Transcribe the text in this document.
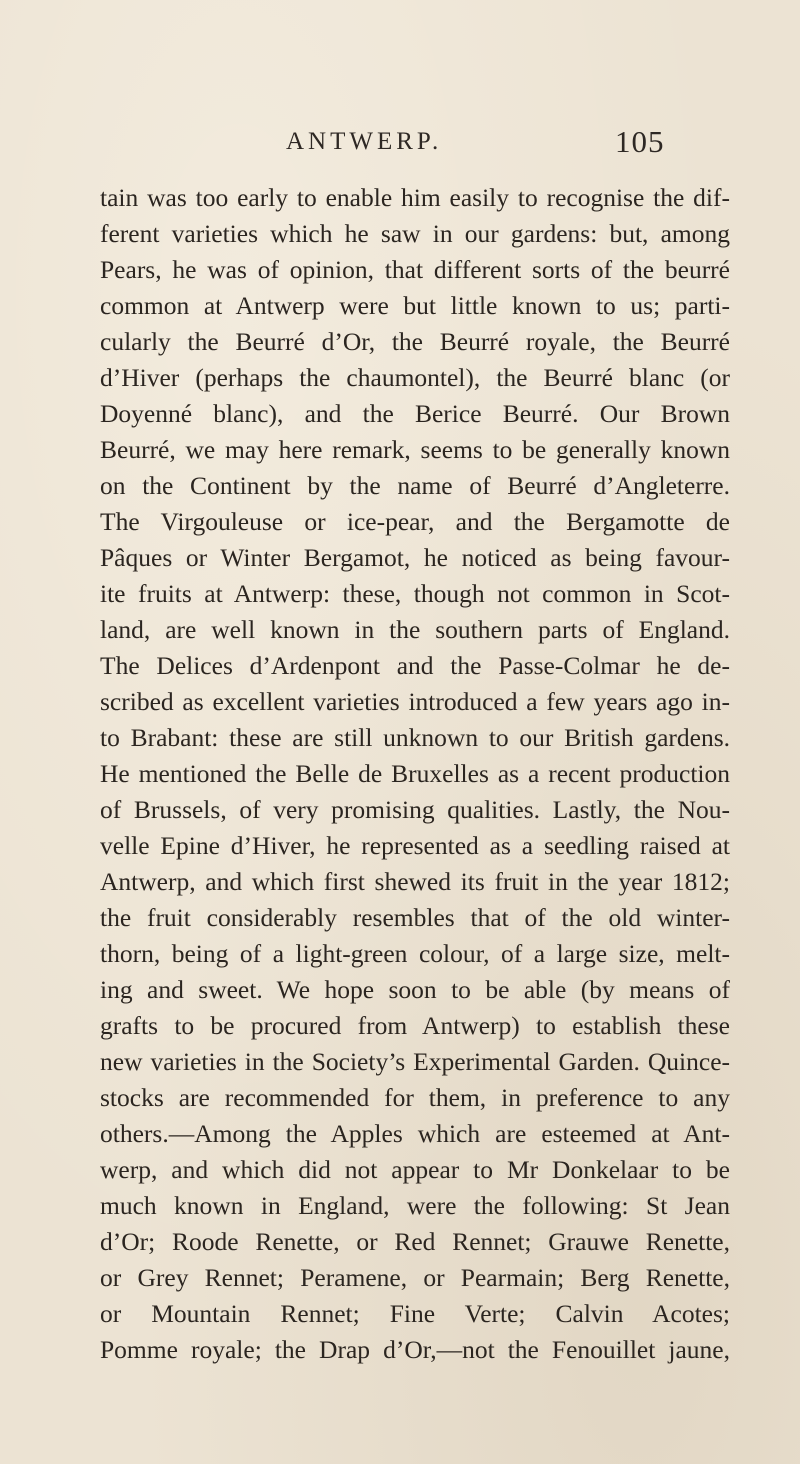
ANTWERP.	105
tain was too early to enable him easily to recognise the dif-
ferent varieties which he saw in our gardens: but, among
Pears, he was of opinion, that different sorts of the beurré
common at Antwerp were but little known to us; parti-
cularly the Beurré d’Or, the Beurré royale, the Beurré
d’Hiver (perhaps the chaumontel), the Beurré blanc (or
Doyenné blanc), and the Berice Beurré. Our Brown
Beurré, we may here remark, seems to be generally known
on the Continent by the name of Beurré d’Angleterre.
The Virgouleuse or ice-pear, and the Bergamotte de
Pâques or Winter Bergamot, he noticed as being favour-
ite fruits at Antwerp: these, though not common in Scot-
land, are well known in the southern parts of England.
The Delices d’Ardenpont and the Passe-Colmar he de-
scribed as excellent varieties introduced a few years ago in-
to Brabant: these are still unknown to our British gardens.
He mentioned the Belle de Bruxelles as a recent production
of Brussels, of very promising qualities. Lastly, the Nou-
velle Epine d’Hiver, he represented as a seedling raised at
Antwerp, and which first shewed its fruit in the year 1812;
the fruit considerably resembles that of the old winter-
thorn, being of a light-green colour, of a large size, melt-
ing and sweet. We hope soon to be able (by means of
grafts to be procured from Antwerp) to establish these
new varieties in the Society’s Experimental Garden. Quince-
stocks are recommended for them, in preference to any
others.—Among the Apples which are esteemed at Ant-
werp, and which did not appear to Mr Donkelaar to be
much known in England, were the following: St Jean
d’Or; Roode Renette, or Red Rennet; Grauwe Renette,
or Grey Rennet; Peramene, or Pearmain; Berg Renette,
or Mountain Rennet; Fine Verte; Calvin Acotes;
Pomme royale; the Drap d’Or,—not the Fenouillet jaune,
